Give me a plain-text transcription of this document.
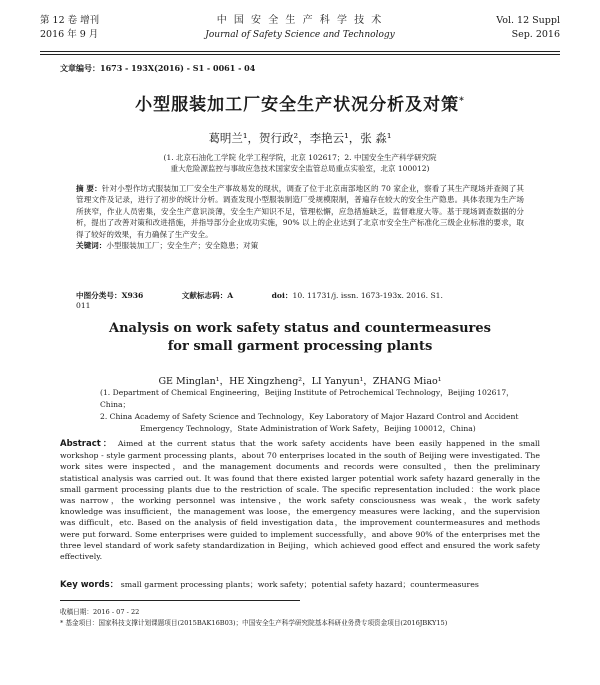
第 12 卷 增刊
2016 年 9 月
中 国 安 全 生 产 科 学 技 术
Journal of Safety Science and Technology
Vol. 12 Suppl
Sep. 2016
文章编号：1673 - 193X(2016) - S1 - 0061 - 04
小型服装加工厂安全生产状况分析及对策*
葛明兰¹，贺行政²，李艳云¹，张 淼¹
(1. 北京石油化工学院 化学工程学院，北京 102617；2. 中国安全生产科学研究院
重大危险源监控与事故应急技术国家安全监管总局重点实验室，北京 100012)
摘 要：针对小型作坊式服装加工厂安全生产事故易发的现状，调查了位于北京南部地区的 70 家企业，察看了其生产现场并查阅了其管理文件及记录，进行了初步的统计分析。调查发现小型服装制造厂受规模限制，普遍存在较大的安全生产隐患。具体表现为生产场所狭窄，作业人员密集，安全生产意识淡薄，安全生产知识不足，管理松懈，应急措施缺乏，监督难度大等。基于现场调查数据的分析，提出了改善对策和改进措施，并指导部分企业成功实施，90% 以上的企业达到了北京市安全生产标准化三级企业标准的要求，取得了较好的效果，有力确保了生产安全。
关键词：小型服装加工厂；安全生产；安全隐患；对策
中图分类号：X936	文献标志码：A	doi：10. 11731/j. issn. 1673-193x. 2016. S1. 011
Analysis on work safety status and countermeasures
for small garment processing plants
GE Minglan¹，HE Xingzheng²，LI Yanyun¹，ZHANG Miao¹
(1. Department of Chemical Engineering，Beijing Institute of Petrochemical Technology，Beijing 102617，China；
2. China Academy of Safety Science and Technology，Key Laboratory of Major Hazard Control and Accident
Emergency Technology，State Administration of Work Safety，Beijing 100012，China)
Abstract： Aimed at the current status that the work safety accidents have been easily happened in the small workshop - style garment processing plants，about 70 enterprises located in the south of Beijing were investigated. The work sites were inspected，and the management documents and records were consulted，then the preliminary statistical analysis was carried out. It was found that there existed larger potential work safety hazard generally in the small garment processing plants due to the restriction of scale. The specific representation included：the work place was narrow，the working personnel was intensive，the work safety consciousness was weak，the work safety knowledge was insufficient，the management was loose，the emergency measures were lacking，and the supervision was difficult，etc. Based on the analysis of field investigation data，the improvement countermeasures and methods were put forward. Some enterprises were guided to implement successfully，and above 90% of the enterprises met the three level standard of work safety standardization in Beijing，which achieved good effect and ensured the work safety effectively.
Key words： small garment processing plants；work safety；potential safety hazard；countermeasures
收稿日期：2016 - 07 - 22
* 基金项目：国家科技支撑计划课题项目(2015BAK16B03)；中国安全生产科学研究院基本科研业务费专项资金项目(2016JBKY15)
